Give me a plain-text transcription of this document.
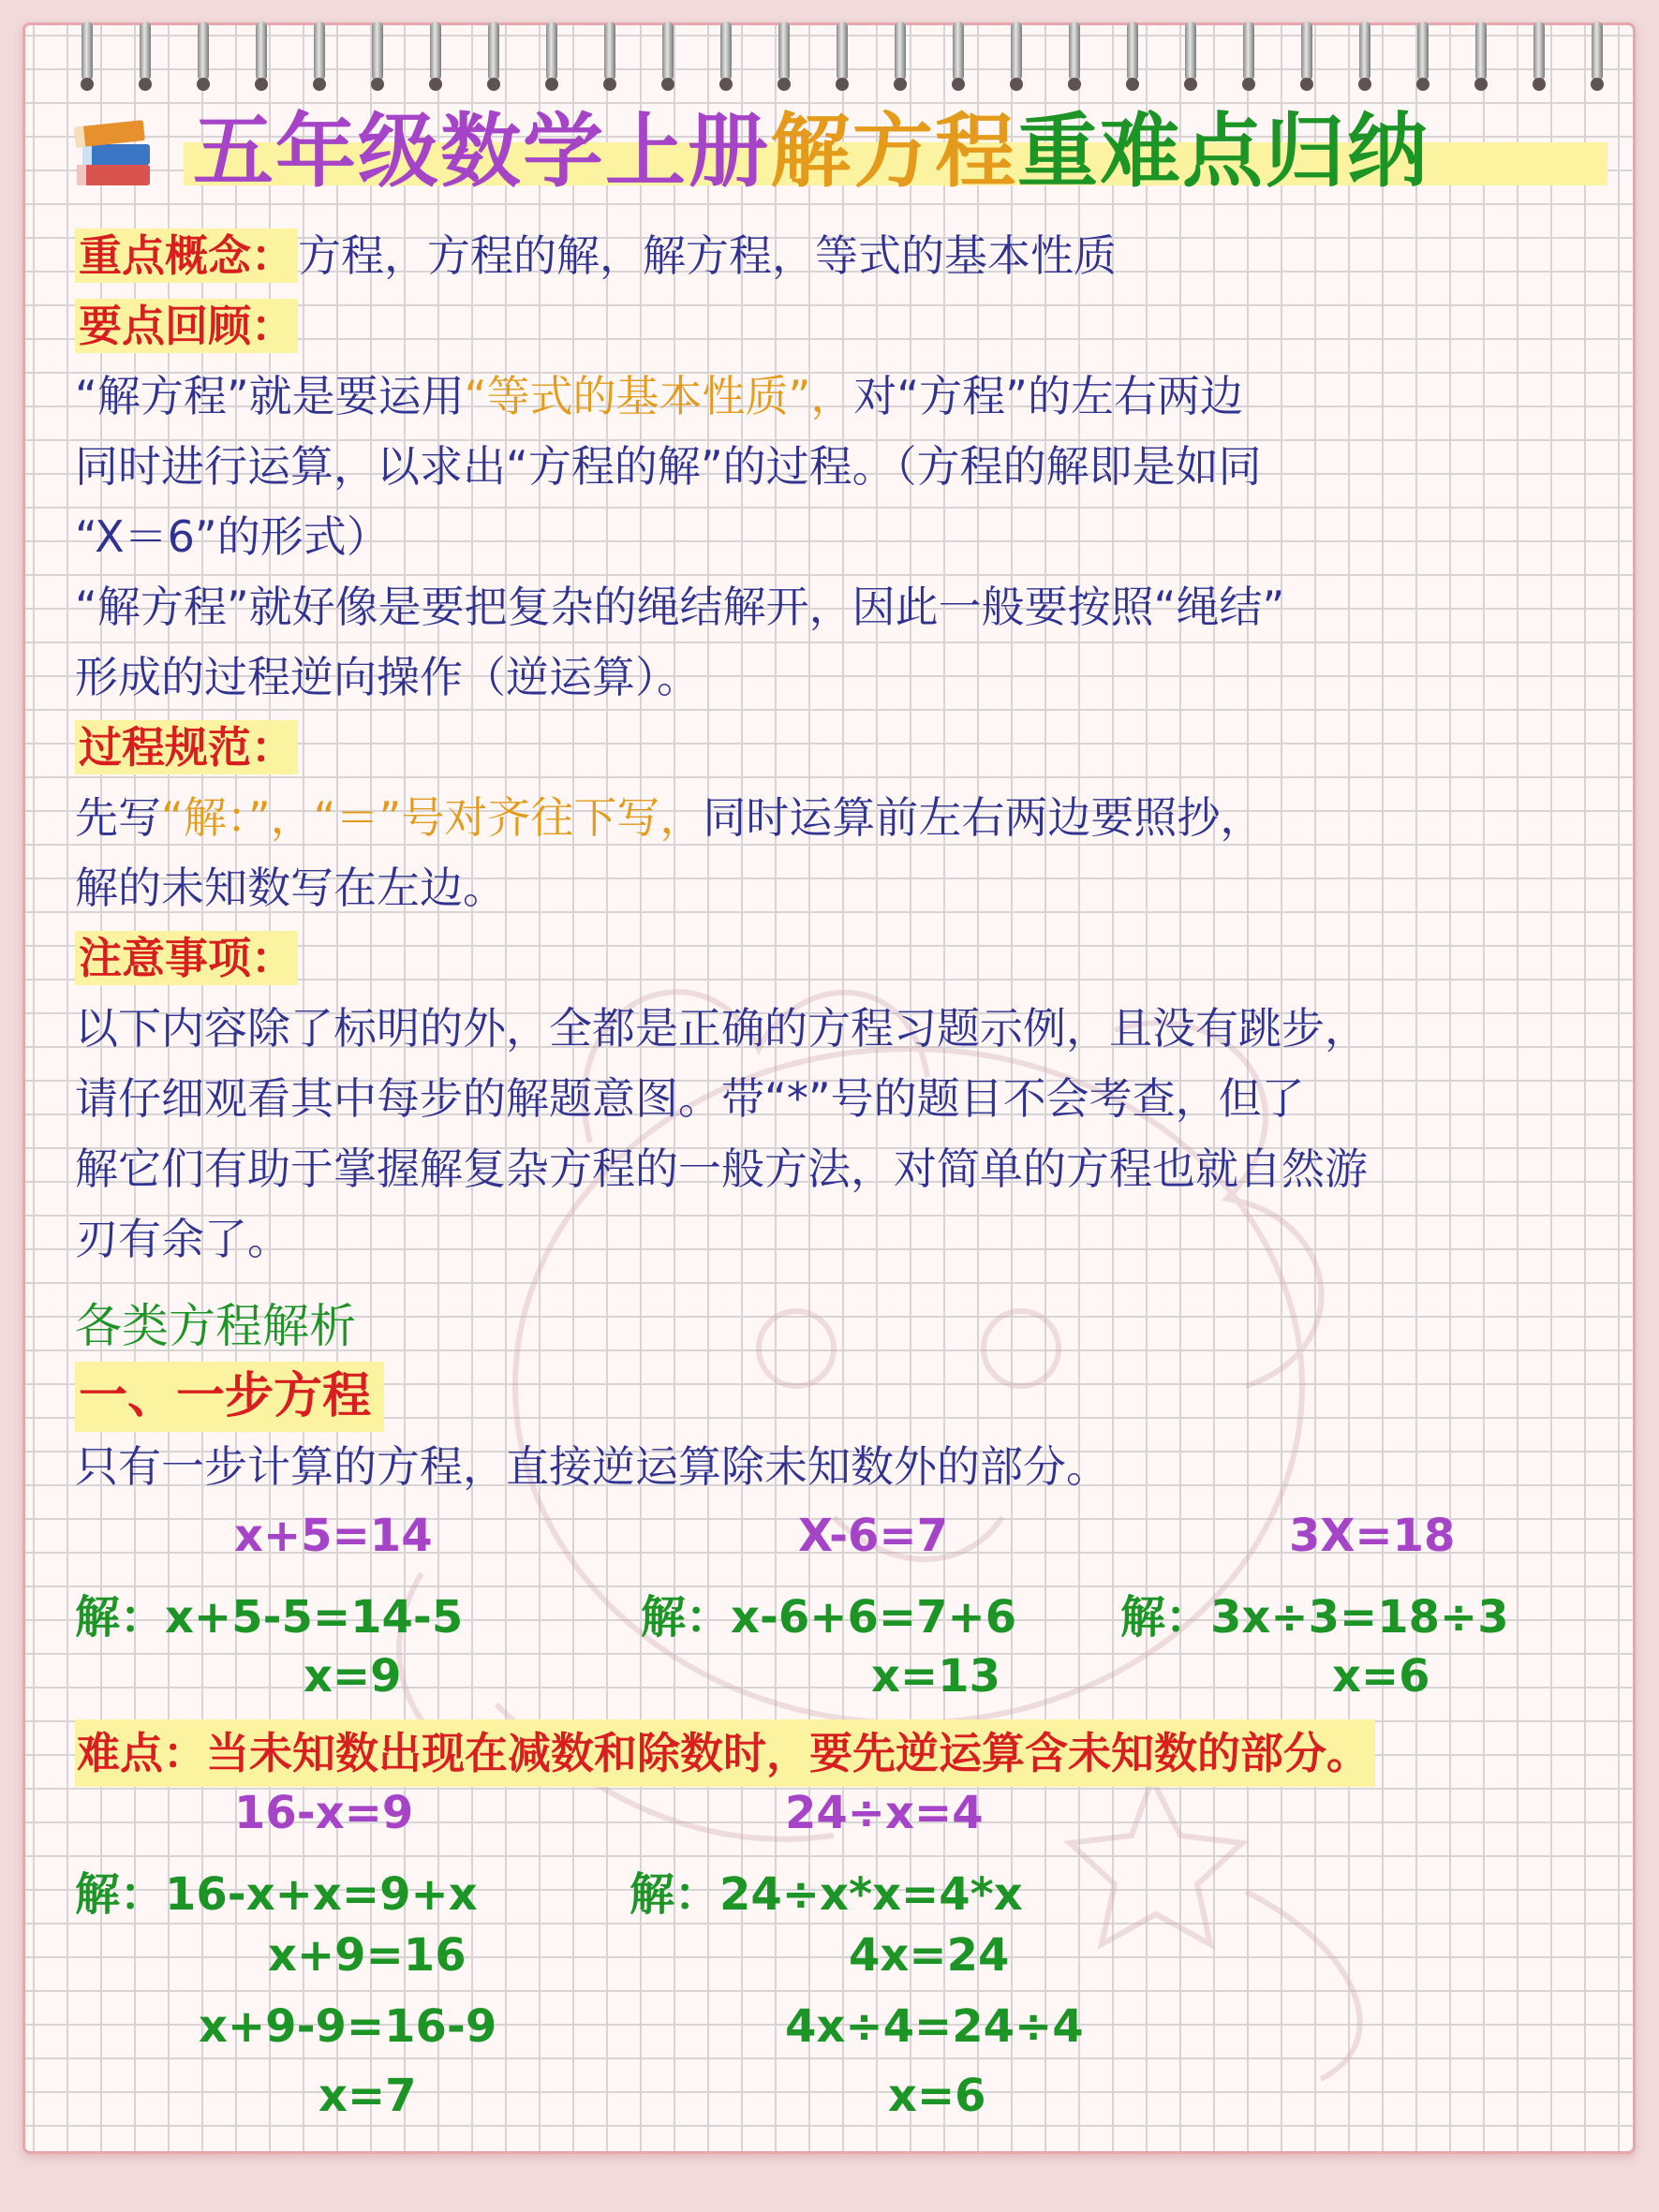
五年级数学上册解方程重难点归纳
重点概念：方程，方程的解，解方程，等式的基本性质
要点回顾：
“解方程”就是要运用“等式的基本性质”，对“方程”的左右两边
同时进行运算，以求出“方程的解”的过程。（方程的解即是如同
“X＝6”的形式）
“解方程”就好像是要把复杂的绳结解开，因此一般要按照“绳结”
形成的过程逆向操作（逆运算）。
过程规范：
先写“解：”，“＝”号对齐往下写，同时运算前左右两边要照抄，
解的未知数写在左边。
注意事项：
以下内容除了标明的外，全都是正确的方程习题示例，且没有跳步，
请仔细观看其中每步的解题意图。带“*”号的题目不会考查，但了
解它们有助于掌握解复杂方程的一般方法，对简单的方程也就自然游
刃有余了。
各类方程解析
一、一步方程
只有一步计算的方程，直接逆运算除未知数外的部分。
x+5=14
解：x+5-5=14-5
x=9
X-6=7
解：x-6+6=7+6
x=13
3X=18
解：3x÷3=18÷3
x=6
难点：当未知数出现在减数和除数时，要先逆运算含未知数的部分。
16-x=9
解：16-x+x=9+x
x+9=16
x+9-9=16-9
x=7
24÷x=4
解：24÷x*x=4*x
4x=24
4x÷4=24÷4
x=6
